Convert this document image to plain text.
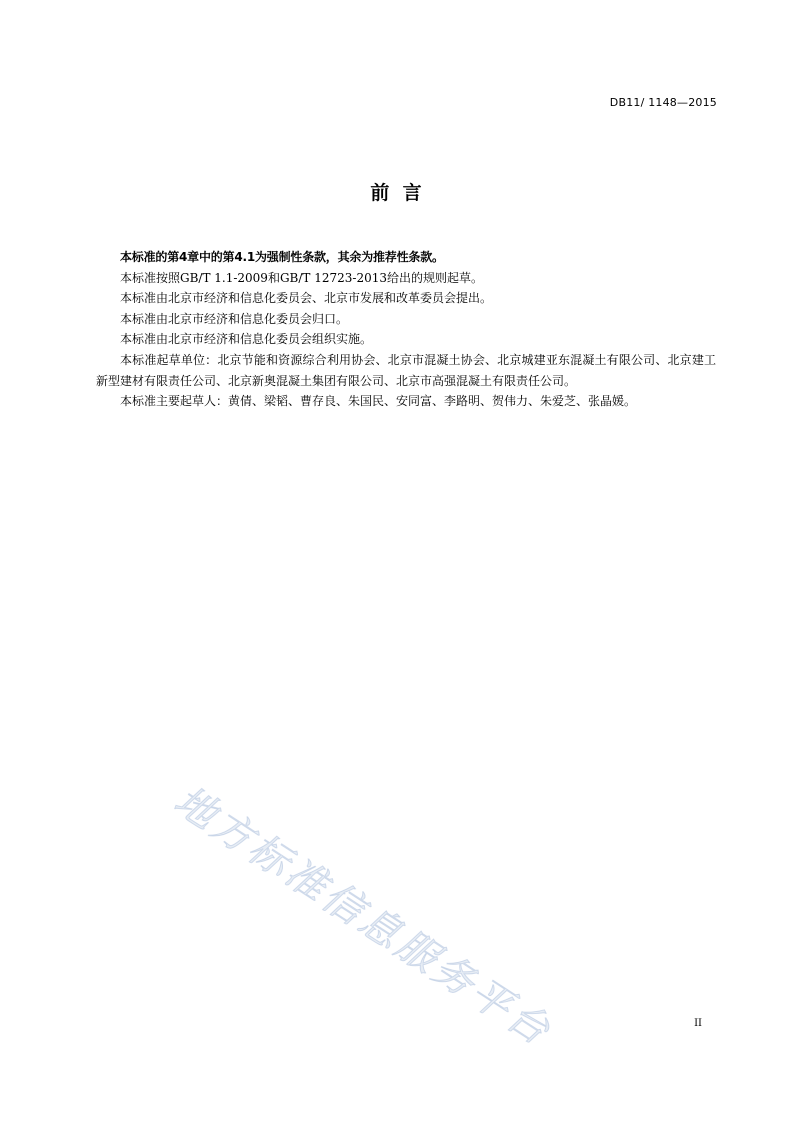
DB11/ 1148—2015
前  言

本标准的第4章中的第4.1为强制性条款，其余为推荐性条款。

本标准按照GB/T 1.1-2009和GB/T 12723-2013给出的规则起草。

本标准由北京市经济和信息化委员会、北京市发展和改革委员会提出。

本标准由北京市经济和信息化委员会归口。

本标准由北京市经济和信息化委员会组织实施。

本标准起草单位：北京节能和资源综合利用协会、北京市混凝土协会、北京城建亚东混凝土有限公司、北京建工新型建材有限责任公司、北京新奥混凝土集团有限公司、北京市高强混凝土有限责任公司。

本标准主要起草人：黄倩、梁韬、曹存良、朱国民、安同富、李路明、贺伟力、朱爱芝、张晶媛。

地方标准信息服务平台	II
